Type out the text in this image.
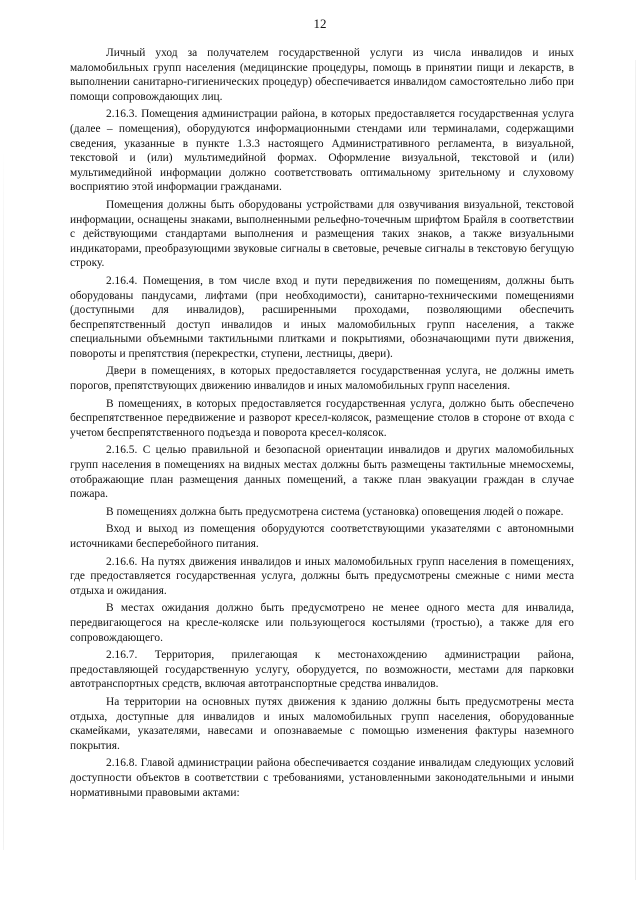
12

Личный уход за получателем государственной услуги из числа инвалидов и иных маломобильных групп населения (медицинские процедуры, помощь в принятии пищи и лекарств, в выполнении санитарно-гигиенических процедур) обеспечивается инвалидом самостоятельно либо при помощи сопровождающих лиц.

2.16.3. Помещения администрации района, в которых предоставляется государственная услуга (далее – помещения), оборудуются информационными стендами или терминалами, содержащими сведения, указанные в пункте 1.3.3 настоящего Административного регламента, в визуальной, текстовой и (или) мультимедийной формах. Оформление визуальной, текстовой и (или) мультимедийной информации должно соответствовать оптимальному зрительному и слуховому восприятию этой информации гражданами.

Помещения должны быть оборудованы устройствами для озвучивания визуальной, текстовой информации, оснащены знаками, выполненными рельефно-точечным шрифтом Брайля в соответствии с действующими стандартами выполнения и размещения таких знаков, а также визуальными индикаторами, преобразующими звуковые сигналы в световые, речевые сигналы в текстовую бегущую строку.

2.16.4. Помещения, в том числе вход и пути передвижения по помещениям, должны быть оборудованы пандусами, лифтами (при необходимости), санитарно-техническими помещениями (доступными для инвалидов), расширенными проходами, позволяющими обеспечить беспрепятственный доступ инвалидов и иных маломобильных групп населения, а также специальными объемными тактильными плитками и покрытиями, обозначающими пути движения, повороты и препятствия (перекрестки, ступени, лестницы, двери).

Двери в помещениях, в которых предоставляется государственная услуга, не должны иметь порогов, препятствующих движению инвалидов и иных маломобильных групп населения.

В помещениях, в которых предоставляется государственная услуга, должно быть обеспечено беспрепятственное передвижение и разворот кресел-колясок, размещение столов в стороне от входа с учетом беспрепятственного подъезда и поворота кресел-колясок.

2.16.5. С целью правильной и безопасной ориентации инвалидов и других маломобильных групп населения в помещениях на видных местах должны быть размещены тактильные мнемосхемы, отображающие план размещения данных помещений, а также план эвакуации граждан в случае пожара.

В помещениях должна быть предусмотрена система (установка) оповещения людей о пожаре.

Вход и выход из помещения оборудуются соответствующими указателями с автономными источниками бесперебойного питания.

2.16.6. На путях движения инвалидов и иных маломобильных групп населения в помещениях, где предоставляется государственная услуга, должны быть предусмотрены смежные с ними места отдыха и ожидания.

В местах ожидания должно быть предусмотрено не менее одного места для инвалида, передвигающегося на кресле-коляске или пользующегося костылями (тростью), а также для его сопровождающего.

2.16.7. Территория, прилегающая к местонахождению администрации района, предоставляющей государственную услугу, оборудуется, по возможности, местами для парковки автотранспортных средств, включая автотранспортные средства инвалидов.

На территории на основных путях движения к зданию должны быть предусмотрены места отдыха, доступные для инвалидов и иных маломобильных групп населения, оборудованные скамейками, указателями, навесами и опознаваемые с помощью изменения фактуры наземного покрытия.

2.16.8. Главой администрации района обеспечивается создание инвалидам следующих условий доступности объектов в соответствии с требованиями, установленными законодательными и иными нормативными правовыми актами:
